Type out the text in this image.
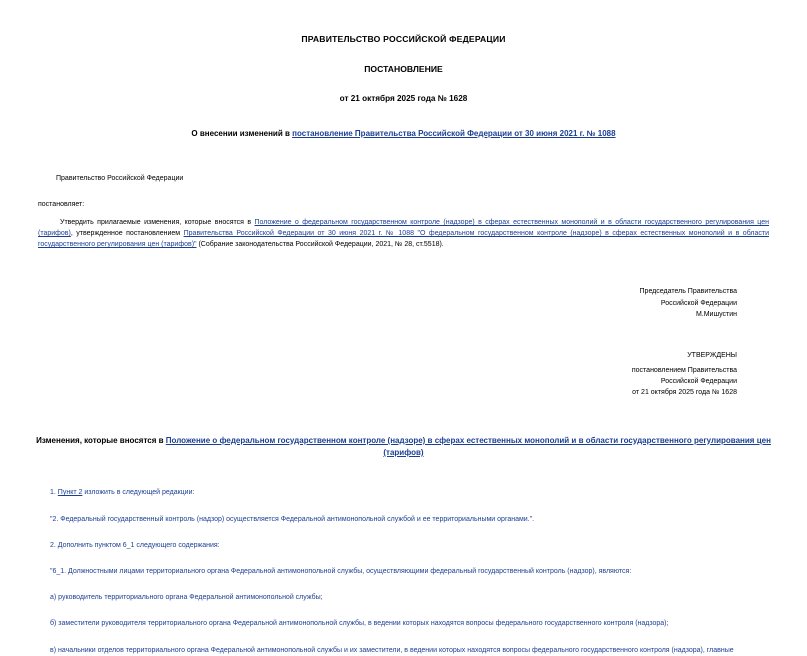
ПРАВИТЕЛЬСТВО РОССИЙСКОЙ ФЕДЕРАЦИИ
ПОСТАНОВЛЕНИЕ
от 21 октября 2025 года № 1628
О внесении изменений в постановление Правительства Российской Федерации от 30 июня 2021 г. № 1088
Правительство Российской Федерации
постановляет:
Утвердить прилагаемые изменения, которые вносятся в Положение о федеральном государственном контроле (надзоре) в сферах естественных монополий и в области государственного регулирования цен (тарифов), утвержденное постановлением Правительства Российской Федерации от 30 июня 2021 г. № 1088 "О федеральном государственном контроле (надзоре) в сферах естественных монополий и в области государственного регулирования цен (тарифов)" (Собрание законодательства Российской Федерации, 2021, № 28, ст.5518).
Председатель Правительства
Российской Федерации
М.Мишустин
УТВЕРЖДЕНЫ
постановлением Правительства
Российской Федерации
от 21 октября 2025 года № 1628
Изменения, которые вносятся в Положение о федеральном государственном контроле (надзоре) в сферах естественных монополий и в области государственного регулирования цен (тарифов)
1. Пункт 2 изложить в следующей редакции:
"2. Федеральный государственный контроль (надзор) осуществляется Федеральной антимонопольной службой и ее территориальными органами.".
2. Дополнить пунктом 6_1 следующего содержания:
"6_1. Должностными лицами территориального органа Федеральной антимонопольной службы, осуществляющими федеральный государственный контроль (надзор), являются:
а) руководитель территориального органа Федеральной антимонопольной службы;
б) заместители руководителя территориального органа Федеральной антимонопольной службы, в ведении которых находятся вопросы федерального государственного контроля (надзора);
в) начальники отделов территориального органа Федеральной антимонопольной службы и их заместители, в ведении которых находятся вопросы федерального государственного контроля (надзора), главные
